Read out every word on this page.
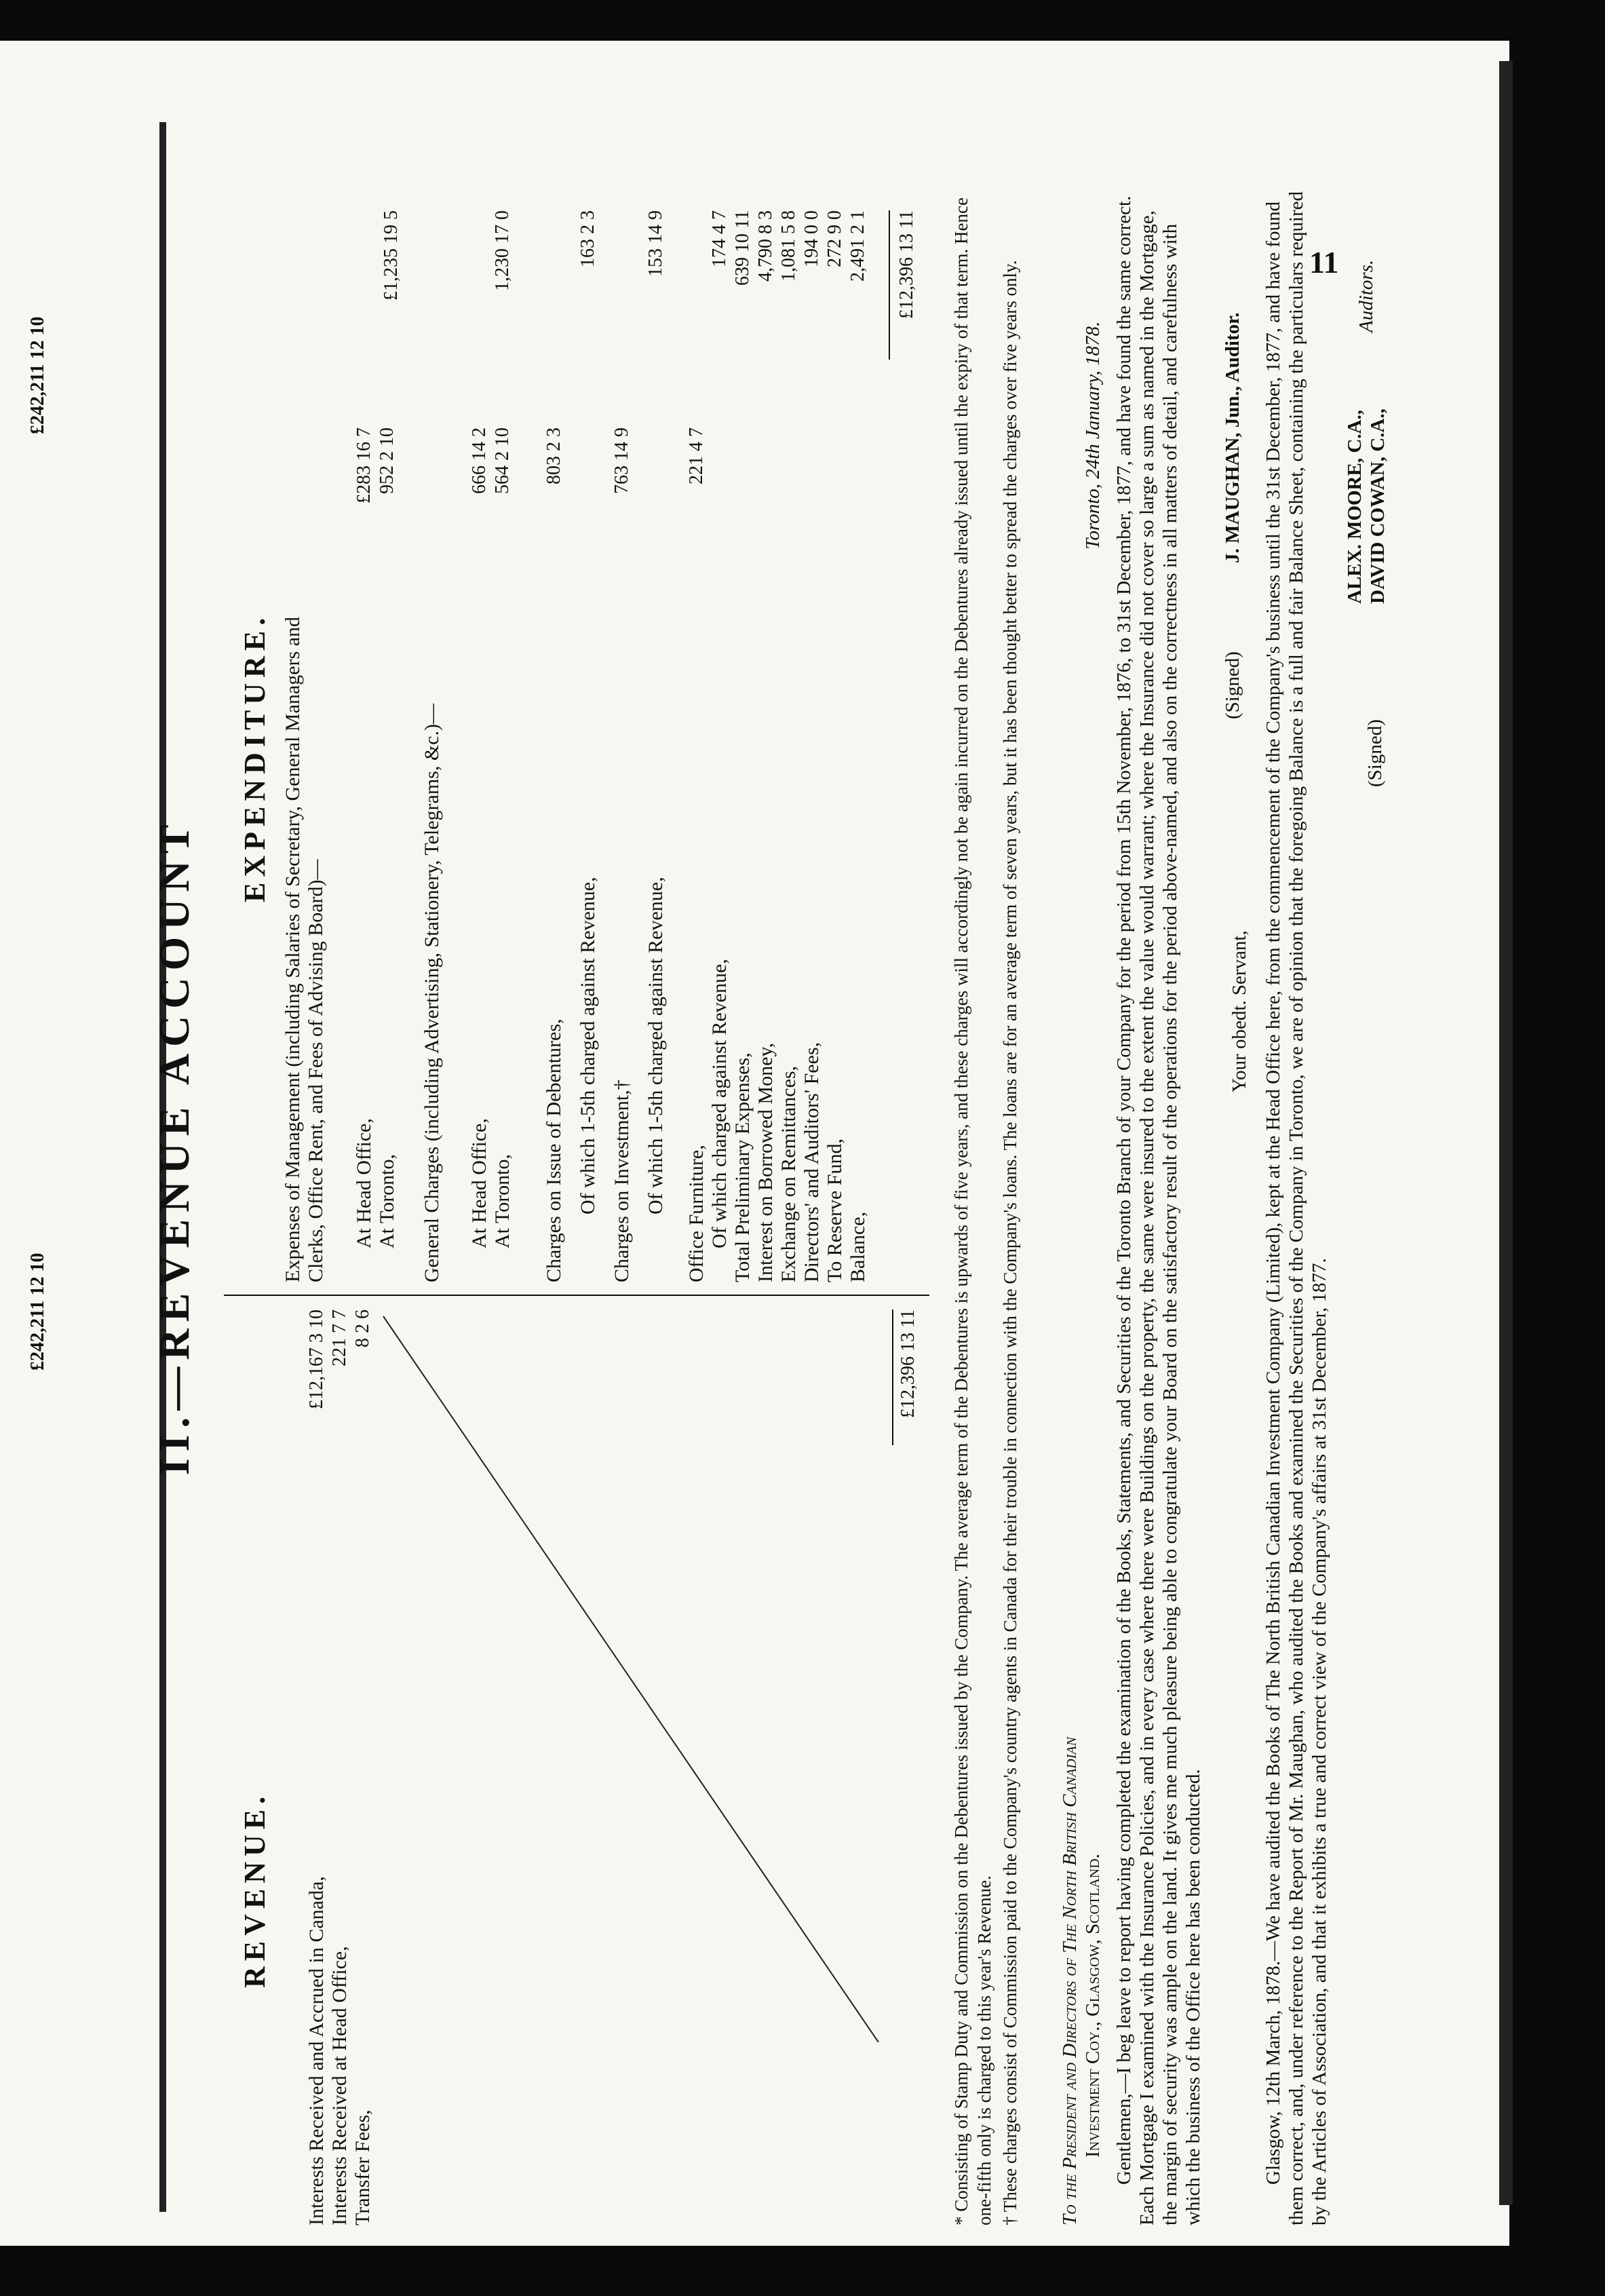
£242,211 12 10
£242,211 12 10
11
II.—REVENUE ACCOUNT
REVENUE. Interests Received and Accrued in Canada,
£12,167 3 10
Interests Received at Head Office,
221 7 7
Transfer Fees,
8 2 6	£12,396 13 11
EXPENDITURE. Expenses of Management (including Salaries of Secretary, General Managers and Clerks, Office Rent, and Fees of Advising Board)— At Head Office,
£283 16 7
At Toronto,
952 2 10
£1,235 19 5
General Charges (including Advertising, Stationery, Telegrams, &c.)— At Head Office,
666 14 2
At Toronto,
564 2 10
1,230 17 0
Charges on Issue of Debentures,
803 2 3
Of which 1-5th charged against Revenue,
163 2 3
Charges on Investment,†
763 14 9
Of which 1-5th charged against Revenue,
153 14 9
Office Furniture,
221 4 7
Of which charged against Revenue,
174 4 7
Total Preliminary Expenses,
639 10 11
Interest on Borrowed Money,
4,790 8 3
Exchange on Remittances,
1,081 5 8
Directors' and Auditors' Fees,
194 0 0
To Reserve Fund,
272 9 0
Balance,
2,491 2 1 £12,396 13 11 * Consisting of Stamp Duty and Commission on the Debentures issued by the Company. The average term of the Debentures is upwards of five years, and these charges will accordingly not be again incurred on the Debentures already issued until the expiry of that term. Hence one-fifth only is charged to this year's Revenue. † These charges consist of Commission paid to the Company's country agents in Canada for their trouble in connection with the Company's loans. The loans are for an average term of seven years, but it has been thought better to spread the charges over five years only. To the President and Directors of The North British Canadian Investment Coy., Glasgow, Scotland.
Toronto, 24th January, 1878. Gentlemen,—I beg leave to report having completed the examination of the Books, Statements, and Securities of the Toronto Branch of your Company for the period from 15th November, 1876, to 31st December, 1877, and have found the same correct. Each Mortgage I examined with the Insurance Policies, and in every case where there were Buildings on the property, the same were insured to the extent the value would warrant; where the Insurance did not cover so large a sum as named in the Mortgage, the margin of security was ample on the land. It gives me much pleasure being able to congratulate your Board on the satisfactory result of the operations for the period above-named, and also on the correctness in all matters of detail, and carefulness with which the business of the Office here has been conducted.
Your obedt. Servant,
(Signed)
J. MAUGHAN, Jun., Auditor. Glasgow, 12th March, 1878.—We have audited the Books of The North British Canadian Investment Company (Limited), kept at the Head Office here, from the commencement of the Company's business until the 31st December, 1877, and have found them correct, and, under reference to the Report of Mr. Maughan, who audited the Books and examined the Securities of the Company in Toronto, we are of opinion that the foregoing Balance is a full and fair Balance Sheet, containing the particulars required by the Articles of Association, and that it exhibits a true and correct view of the Company's affairs at 31st December, 1877.
(Signed)
ALEX. MOORE, C.A., DAVID COWAN, C.A.,
Auditors.
